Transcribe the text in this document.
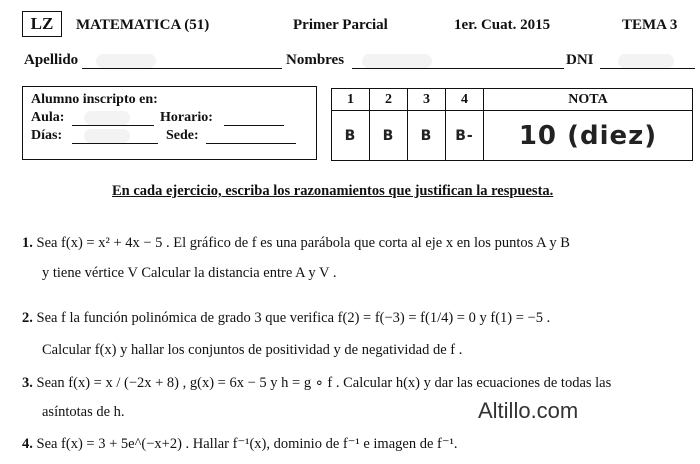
LZ	MATEMATICA (51)	Primer Parcial	1er. Cuat. 2015	TEMA 3
Apellido	Nombres	DNI
Alumno inscripto en:
Aula:	Horario:
Días:	Sede:
1	2	3	4	NOTA
B	B	B	B-	10 (diez)
En cada ejercicio, escriba los razonamientos que justifican la respuesta.
1. Sea f(x) = x² + 4x − 5 . El gráfico de f es una parábola que corta al eje x en los puntos A y B
y tiene vértice V Calcular la distancia entre A y V .
2. Sea f la función polinómica de grado 3 que verifica f(2) = f(−3) = f(1/4) = 0 y f(1) = −5 .
Calcular f(x) y hallar los conjuntos de positividad y de negatividad de f .
3. Sean f(x) = x / (−2x + 8) , g(x) = 6x − 5 y h = g ∘ f . Calcular h(x) y dar las ecuaciones de todas las
asíntotas de h.	Altillo.com
4. Sea f(x) = 3 + 5e^(−x+2) . Hallar f⁻¹(x), dominio de f⁻¹ e imagen de f⁻¹.
